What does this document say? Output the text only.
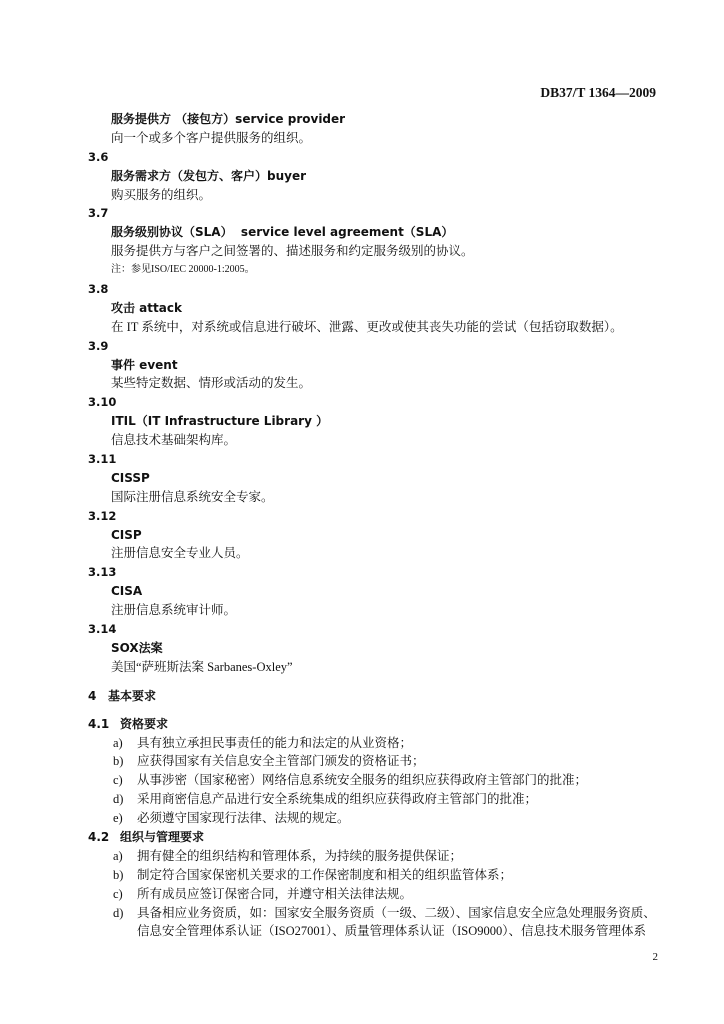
DB37/T 1364—2009
服务提供方 （接包方）service provider
向一个或多个客户提供服务的组织。
3.6
服务需求方（发包方、客户）buyer
购买服务的组织。
3.7
服务级别协议（SLA）  service level agreement（SLA）
服务提供方与客户之间签署的、描述服务和约定服务级别的协议。
注：参见ISO/IEC 20000-1:2005。
3.8
攻击 attack
在 IT 系统中，对系统或信息进行破坏、泄露、更改或使其丧失功能的尝试（包括窃取数据）。
3.9
事件 event
某些特定数据、情形或活动的发生。
3.10
ITIL（IT Infrastructure Library ）
信息技术基础架构库。
3.11
CISSP
国际注册信息系统安全专家。
3.12
CISP
注册信息安全专业人员。
3.13
CISA
注册信息系统审计师。
3.14
SOX法案
美国“萨班斯法案 Sarbanes-Oxley”
4 基本要求
4.1 资格要求
a) 具有独立承担民事责任的能力和法定的从业资格；
b) 应获得国家有关信息安全主管部门颁发的资格证书；
c) 从事涉密（国家秘密）网络信息系统安全服务的组织应获得政府主管部门的批准；
d) 采用商密信息产品进行安全系统集成的组织应获得政府主管部门的批准；
e) 必须遵守国家现行法律、法规的规定。
4.2 组织与管理要求
a) 拥有健全的组织结构和管理体系，为持续的服务提供保证；
b) 制定符合国家保密机关要求的工作保密制度和相关的组织监管体系；
c) 所有成员应签订保密合同，并遵守相关法律法规。
d) 具备相应业务资质，如：国家安全服务资质（一级、二级）、国家信息安全应急处理服务资质、
信息安全管理体系认证（ISO27001）、质量管理体系认证（ISO9000）、信息技术服务管理体系
2
